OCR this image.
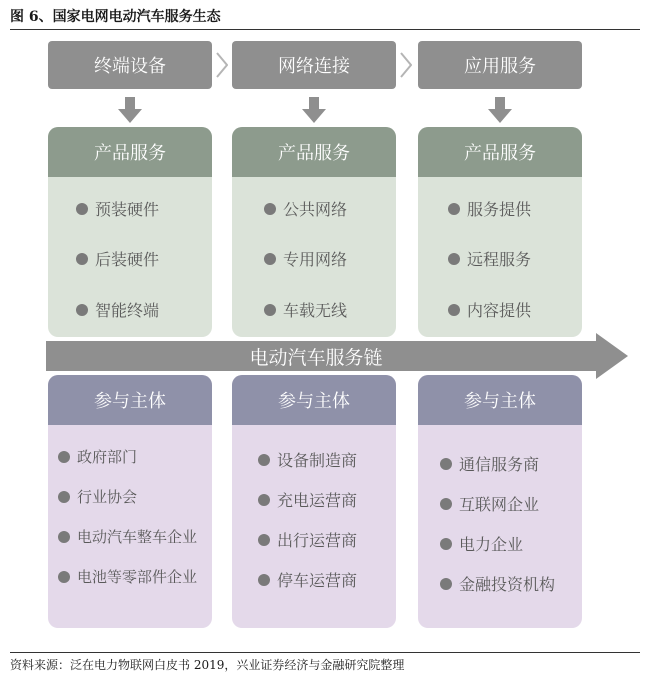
图 6、国家电网电动汽车服务生态
终端设备	网络连接	应用服务
产品服务
预装硬件
后装硬件
智能终端
产品服务
公共网络
专用网络
车载无线
产品服务
服务提供
远程服务
内容提供
电动汽车服务链
参与主体
政府部门
行业协会
电动汽车整车企业
电池等零部件企业
参与主体
设备制造商
充电运营商
出行运营商
停车运营商
参与主体
通信服务商
互联网企业
电力企业
金融投资机构
资料来源：泛在电力物联网白皮书 2019，兴业证券经济与金融研究院整理
